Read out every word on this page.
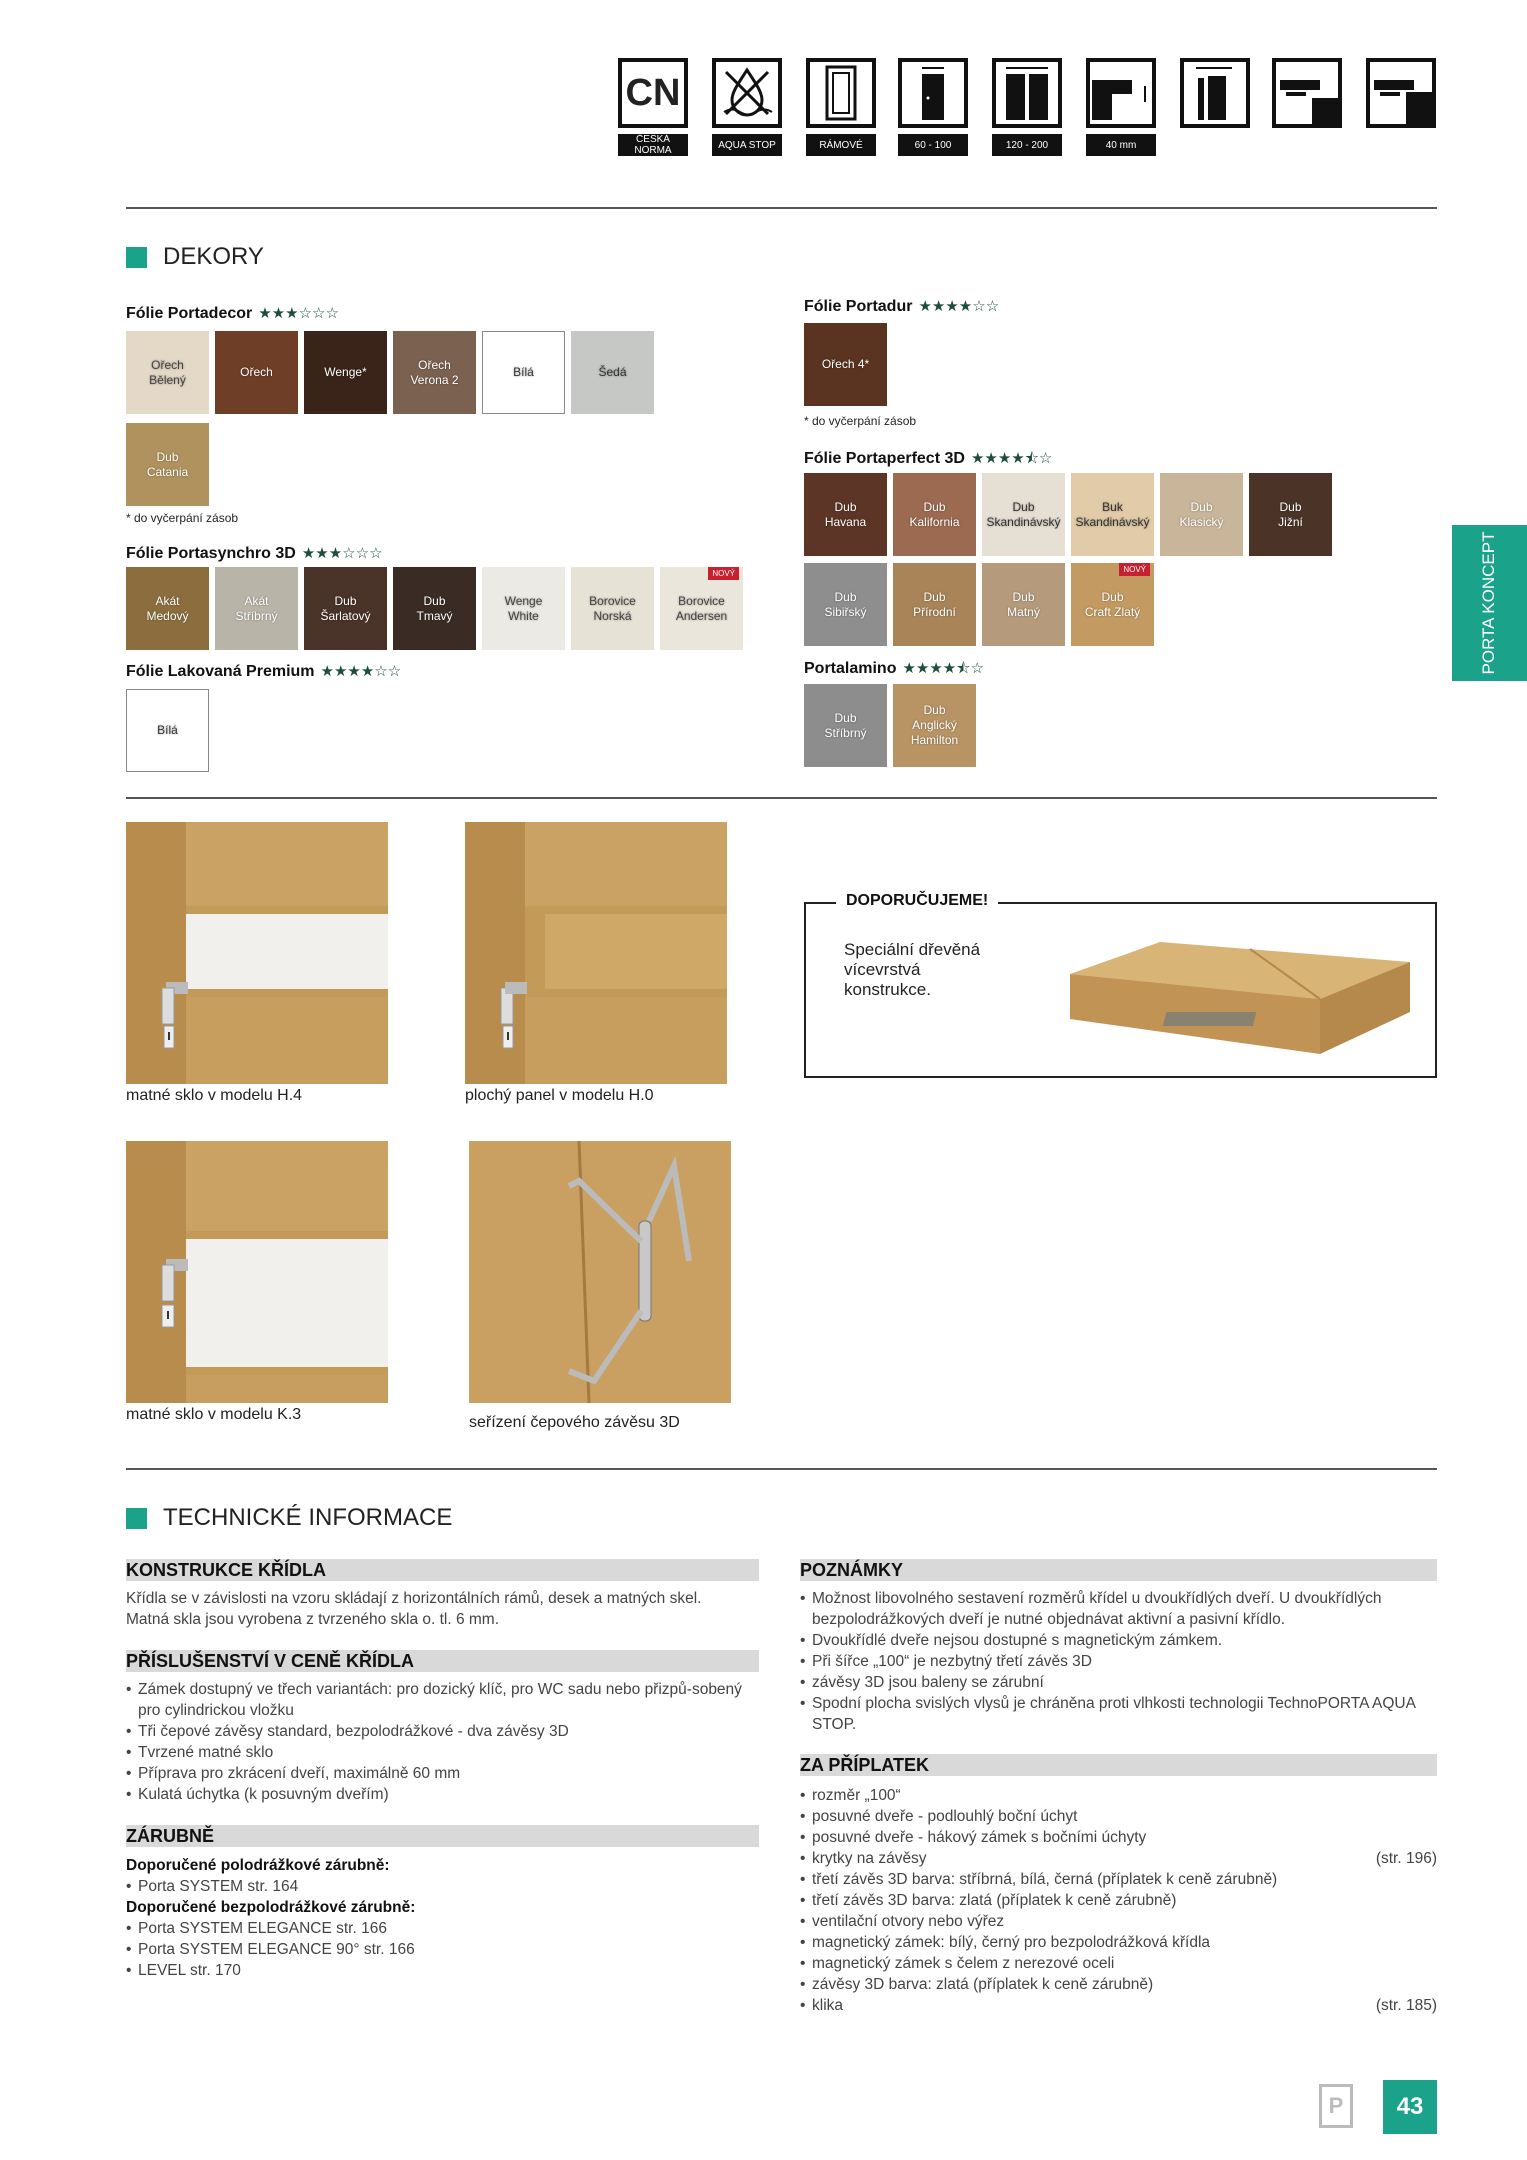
CN
ČESKÁ NORMA	AQUA STOP	RÁMOVÉ	60 - 100	120 - 200	40 mm
DEKORY
Fólie Portadecor ★★★☆☆☆
Ořech
Bělený
Ořech	Wenge*
Ořech
Verona 2
Bílá	Šedá
Dub
Catania
* do vyčerpání zásob
Fólie Portasynchro 3D ★★★☆☆☆
Akát
Medový
Akát
Stříbrný
Dub
Šarlatový
Dub
Tmavý
Wenge
White
Borovice
Norská
Borovice
Andersen
NOVÝ
Fólie Lakovaná Premium ★★★★☆☆
Bílá
Fólie Portadur ★★★★☆☆
Ořech 4*
* do vyčerpání zásob
Fólie Portaperfect 3D ★★★★⯪☆
Dub
Havana
Dub
Kalifornia
Dub
Skandinávský
Buk
Skandinávský
Dub
Klasický
Dub
Jižní
Dub
Sibiřský
Dub
Přírodní
Dub
Matný
Dub
Craft Zlatý
NOVÝ
Portalamino ★★★★⯪☆
Dub
Stříbrný
Dub
Anglický
Hamilton
matné sklo v modelu H.4	plochý panel v modelu H.0
matné sklo v modelu K.3	seřízení čepového závěsu 3D
DOPORUČUJEME!
Speciální dřevěná vícevrstvá konstrukce.
TECHNICKÉ INFORMACE
KONSTRUKCE KŘÍDLA
Křídla se v závislosti na vzoru skládají z horizontálních rámů, desek a matných skel. Matná skla jsou vyrobena z tvrzeného skla o. tl. 6 mm.
PŘÍSLUŠENSTVÍ V CENĚ KŘÍDLA
• Zámek dostupný ve třech variantách: pro dozický klíč, pro WC sadu nebo přizpů-sobený pro cylindrickou vložku
• Tři čepové závěsy standard, bezpolodrážkové - dva závěsy 3D
• Tvrzené matné sklo
• Příprava pro zkrácení dveří, maximálně 60 mm
• Kulatá úchytka (k posuvným dveřím)
ZÁRUBNĚ
Doporučené polodrážkové zárubně:
• Porta SYSTEM str. 164
Doporučené bezpolodrážkové zárubně:
• Porta SYSTEM ELEGANCE str. 166
• Porta SYSTEM ELEGANCE 90° str. 166
• LEVEL str. 170
POZNÁMKY
• Možnost libovolného sestavení rozměrů křídel u dvoukřídlých dveří. U dvoukřídlých bezpolodrážkových dveří je nutné objednávat aktivní a pasivní křídlo.
• Dvoukřídlé dveře nejsou dostupné s magnetickým zámkem.
• Při šířce „100“ je nezbytný třetí závěs 3D
• závěsy 3D jsou baleny se zárubní
• Spodní plocha svislých vlysů je chráněna proti vlhkosti technologii TechnoPORTA AQUA STOP.
ZA PŘÍPLATEK
• rozměr „100“
• posuvné dveře - podlouhlý boční úchyt
• posuvné dveře - hákový zámek s bočními úchyty
• krytky na závěsy	(str. 196)
• třetí závěs 3D barva: stříbrná, bílá, černá (příplatek k ceně zárubně)
• třetí závěs 3D barva: zlatá (příplatek k ceně zárubně)
• ventilační otvory nebo výřez
• magnetický zámek: bílý, černý pro bezpolodrážková křídla
• magnetický zámek s čelem z nerezové oceli
• závěsy 3D barva: zlatá (příplatek k ceně zárubně)
• klika	(str. 185)
PORTA KONCEPT
P	43
